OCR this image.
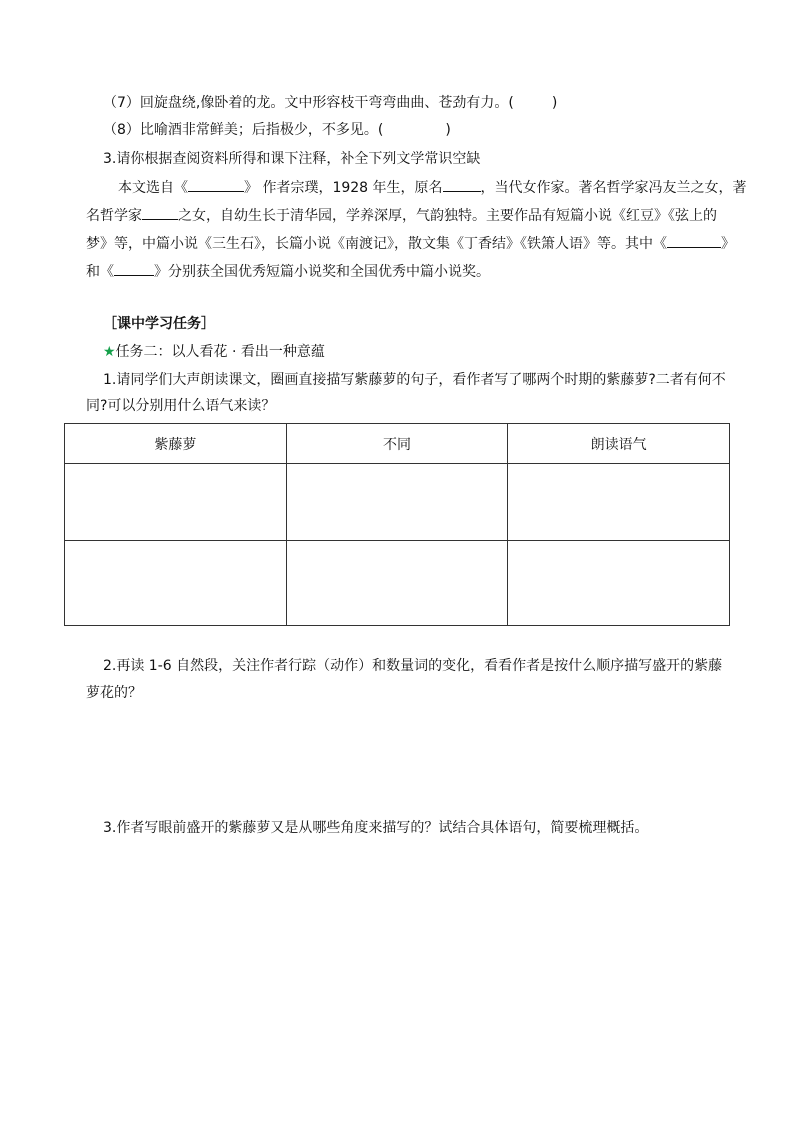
（7）回旋盘绕,像卧着的龙。文中形容枝干弯弯曲曲、苍劲有力。(	)
（8）比喻酒非常鲜美；后指极少，不多见。(	)
3.请你根据查阅资料所得和课下注释，补全下列文学常识空缺
本文选自《	》 作者宗璞，1928 年生，原名	，当代女作家。著名哲学家冯友兰之女，著
名哲学家	之女，自幼生长于清华园，学养深厚，气韵独特。主要作品有短篇小说《红豆》《弦上的
梦》等，中篇小说《三生石》，长篇小说《南渡记》，散文集《丁香结》《铁箫人语》等。其中《	》
和《	》分别获全国优秀短篇小说奖和全国优秀中篇小说奖。
［课中学习任务］
★任务二：以人看花 · 看出一种意蕴
1.请同学们大声朗读课文，圈画直接描写紫藤萝的句子，看作者写了哪两个时期的紫藤萝?二者有何不
同?可以分别用什么语气来读？
紫藤萝	不同	朗读语气

2.再读 1-6 自然段，关注作者行踪（动作）和数量词的变化，看看作者是按什么顺序描写盛开的紫藤
萝花的？
3.作者写眼前盛开的紫藤萝又是从哪些角度来描写的？试结合具体语句，简要梳理概括。
